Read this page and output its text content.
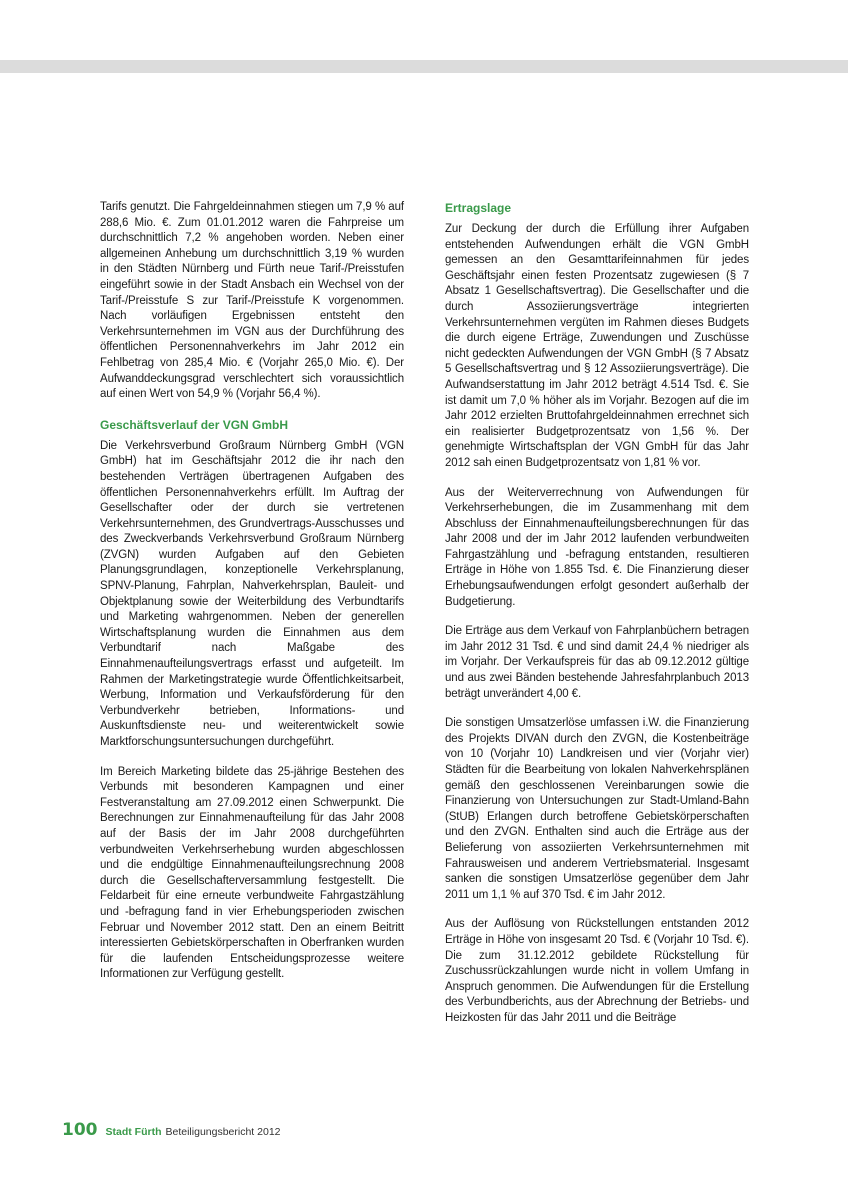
Tarifs genutzt. Die Fahrgeldeinnahmen stiegen um 7,9 % auf 288,6 Mio. €. Zum 01.01.2012 waren die Fahrpreise um durchschnittlich 7,2 % angehoben worden. Neben einer allgemeinen Anhebung um durchschnittlich 3,19 % wurden in den Städten Nürnberg und Fürth neue Tarif-/Preisstufen eingeführt sowie in der Stadt Ansbach ein Wechsel von der Tarif-/Preisstufe S zur Tarif-/Preisstufe K vorgenommen. Nach vorläufigen Ergebnissen entsteht den Verkehrsunternehmen im VGN aus der Durchführung des öffentlichen Personennahverkehrs im Jahr 2012 ein Fehlbetrag von 285,4 Mio. € (Vorjahr 265,0 Mio. €). Der Aufwanddeckungsgrad verschlechtert sich voraussichtlich auf einen Wert von 54,9 % (Vorjahr 56,4 %).

Geschäftsverlauf der VGN GmbH

Die Verkehrsverbund Großraum Nürnberg GmbH (VGN GmbH) hat im Geschäftsjahr 2012 die ihr nach den bestehenden Verträgen übertragenen Aufgaben des öffentlichen Personennahverkehrs erfüllt. Im Auftrag der Gesellschafter oder der durch sie vertretenen Verkehrsunternehmen, des Grundvertrags-Ausschusses und des Zweckverbands Verkehrsverbund Großraum Nürnberg (ZVGN) wurden Aufgaben auf den Gebieten Planungsgrundlagen, konzeptionelle Verkehrsplanung, SPNV-Planung, Fahrplan, Nahverkehrsplan, Bauleit- und Objektplanung sowie der Weiterbildung des Verbundtarifs und Marketing wahrgenommen. Neben der generellen Wirtschaftsplanung wurden die Einnahmen aus dem Verbundtarif nach Maßgabe des Einnahmenaufteilungsvertrags erfasst und aufgeteilt. Im Rahmen der Marketingstrategie wurde Öffentlichkeitsarbeit, Werbung, Information und Verkaufsförderung für den Verbundverkehr betrieben, Informations- und Auskunftsdienste neu- und weiterentwickelt sowie Marktforschungsuntersuchungen durchgeführt.

Im Bereich Marketing bildete das 25-jährige Bestehen des Verbunds mit besonderen Kampagnen und einer Festveranstaltung am 27.09.2012 einen Schwerpunkt. Die Berechnungen zur Einnahmenaufteilung für das Jahr 2008 auf der Basis der im Jahr 2008 durchgeführten verbundweiten Verkehrserhebung wurden abgeschlossen und die endgültige Einnahmenaufteilungsrechnung 2008 durch die Gesellschafterversammlung festgestellt. Die Feldarbeit für eine erneute verbundweite Fahrgastzählung und -befragung fand in vier Erhebungsperioden zwischen Februar und November 2012 statt. Den an einem Beitritt interessierten Gebietskörperschaften in Oberfranken wurden für die laufenden Entscheidungsprozesse weitere Informationen zur Verfügung gestellt.

Ertragslage

Zur Deckung der durch die Erfüllung ihrer Aufgaben entstehenden Aufwendungen erhält die VGN GmbH gemessen an den Gesamttarifeinnahmen für jedes Geschäftsjahr einen festen Prozentsatz zugewiesen (§ 7 Absatz 1 Gesellschaftsvertrag). Die Gesellschafter und die durch Assoziierungsverträge integrierten Verkehrsunternehmen vergüten im Rahmen dieses Budgets die durch eigene Erträge, Zuwendungen und Zuschüsse nicht gedeckten Aufwendungen der VGN GmbH (§ 7 Absatz 5 Gesellschaftsvertrag und § 12 Assoziierungsverträge). Die Aufwandserstattung im Jahr 2012 beträgt 4.514 Tsd. €. Sie ist damit um 7,0 % höher als im Vorjahr. Bezogen auf die im Jahr 2012 erzielten Bruttofahrgeldeinnahmen errechnet sich ein realisierter Budgetprozentsatz von 1,56 %. Der genehmigte Wirtschaftsplan der VGN GmbH für das Jahr 2012 sah einen Budgetprozentsatz von 1,81 % vor.

Aus der Weiterverrechnung von Aufwendungen für Verkehrserhebungen, die im Zusammenhang mit dem Abschluss der Einnahmenaufteilungsberechnungen für das Jahr 2008 und der im Jahr 2012 laufenden verbundweiten Fahrgastzählung und -befragung entstanden, resultieren Erträge in Höhe von 1.855 Tsd. €. Die Finanzierung dieser Erhebungsaufwendungen erfolgt gesondert außerhalb der Budgetierung.

Die Erträge aus dem Verkauf von Fahrplanbüchern betragen im Jahr 2012 31 Tsd. € und sind damit 24,4 % niedriger als im Vorjahr. Der Verkaufspreis für das ab 09.12.2012 gültige und aus zwei Bänden bestehende Jahresfahrplanbuch 2013 beträgt unverändert 4,00 €.

Die sonstigen Umsatzerlöse umfassen i.W. die Finanzierung des Projekts DIVAN durch den ZVGN, die Kostenbeiträge von 10 (Vorjahr 10) Landkreisen und vier (Vorjahr vier) Städten für die Bearbeitung von lokalen Nahverkehrsplänen gemäß den geschlossenen Vereinbarungen sowie die Finanzierung von Untersuchungen zur Stadt-Umland-Bahn (StUB) Erlangen durch betroffene Gebietskörperschaften und den ZVGN. Enthalten sind auch die Erträge aus der Belieferung von assoziierten Verkehrsunternehmen mit Fahrausweisen und anderem Vertriebsmaterial. Insgesamt sanken die sonstigen Umsatzerlöse gegenüber dem Jahr 2011 um 1,1 % auf 370 Tsd. € im Jahr 2012.

Aus der Auflösung von Rückstellungen entstanden 2012 Erträge in Höhe von insgesamt 20 Tsd. € (Vorjahr 10 Tsd. €). Die zum 31.12.2012 gebildete Rückstellung für Zuschussrückzahlungen wurde nicht in vollem Umfang in Anspruch genommen. Die Aufwendungen für die Erstellung des Verbundberichts, aus der Abrechnung der Betriebs- und Heizkosten für das Jahr 2011 und die Beiträge

100 Stadt Fürth Beteiligungsbericht 2012
